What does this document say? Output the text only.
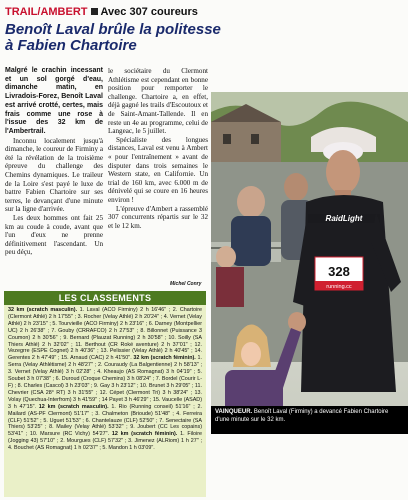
TRAIL/AMBERT Avec 307 coureurs
Benoît Laval brûle la politesse à Fabien Chartoire

Malgré le crachin incessant et un sol gorgé d'eau, dimanche matin, en Livradois-Forez, Benoît Laval est arrivé crotté, certes, mais frais comme une rose à l'issue des 32 km de l'Ambertrail.

Inconnu localement jusqu'à dimanche, le coureur de Firminy a été la révélation de la troisième épreuve du challenge des Chemins dynamiques. Le traileur de la Loire s'est payé le luxe de battre Fabien Chartoire sur ses terres, le devançant d'une minute sur la ligne d'arrivée.

Les deux hommes ont fait 25 km au coude à coude, avant que l'un d'eux ne prenne définitivement l'ascendant. Un peu déçu,

le sociétaire du Clermont Athlétisme est cependant en bonne position pour remporter le challenge. Chartoire a, en effet, déjà gagné les trails d'Escoutoux et de Saint-Amant-Tallende. Il en reste un 4e au programme, celui de Langeac, le 5 juillet.

Spécialiste des longues distances, Laval est venu à Ambert « pour l'entraînement » avant de disputer dans trois semaines le Western state, en Californie. Un trial de 160 km, avec 6.000 m de dénivelé qui se coure en 16 heures environ !

L'épreuve d'Ambert a rassemblé 307 concurrents répartis sur le 32 et le 12 km.

Michel Conry
RaidLight
328
running.cc
VAINQUEUR. Benoît Laval (Firminy) a devancé Fabien Chartoire d'une minute sur le 32 km.
LES CLASSEMENTS
32 km (scratch masculin). 1. Laval (ACO Firminy) 2 h 16'46" ; 2. Chartoire (Clermont Athlé) 2 h 17'55" ; 3. Rocher (Velay Athlé) 2 h 20'24" ; 4. Vernet (Velay Athlé) 2 h 23'15" ; 5. Tourvieille (ACO Firminy) 2 h 23'16" ; 6. Darney (Montpellier UC) 2 h 26'38" ; 7. Gouby (CRRAFCO) 2 h 27'53" ; 8. Billonnet (Puissance 3 Coumon) 2 h 30'56" ; 9. Bernard (Plauzat Running) 2 h 30'58" ; 10. Soilly (SA Thiers Athlé) 2 h 32'02" ; 11. Berthout (CR Roké aventure) 2 h 37'01" ; 12. Vezegrre (ESPE Cognet) 2 h 40'36" ; 13. Pelissier (Velay Athlé) 2 h 40'45" ; 14. Gerentes 2 h 47'49" ; 15. Arnaud (CAC) 2 h 41'50". 32 km (scratch féminin). 1. Serra (Velay Athlétisme) 2 h 48'27" ; 2. Couraudy (La Balgentienne) 2 h 58'13" ; 3. Vernet (Velay Athlé) 3 h 02'28" ; 4. Kheaujo (AS Romagnat) 3 h 04'19" ; 5. Soubet 3 h 07'38" ; 6. Duroud (Croque Chemins) 3 h 08'24" ; 7. Bordel (Courir L-F) ; 8. Charles (Cascol) 3 h 23'03" ; 9. Gay 3 h 23'12" ; 10. Brunet 3 h 29'05" ; 11. Chevrier (CSA 28° RT) 3 h 31'55" ; 12. Cépet (Clermont Tri) 3 h 38'24" ; 13. Volay (Quechua-Interfrom) 3 h 41'59" ; 14 Payet 3 h 46'29" ; 15. Vaucelle (ASAD) 3 h 47'15". 12 km (scratch masculin). 1. Rio (Running conseil) 51'16" ; 2. Mailard (AS-PF Clermont) 51'17" ; 3. Chalmeton (Brioude) 51'48" ; 4. Ferreira (CLF) 51'52" ; 5. Uguet 51'53" ; 6. Chantelauze (CLF) 52'50" ; 7. Senectaire (SA Thiers) 53'25" ; 8. Mailey (Velay Athlé) 53'32" ; 9. Joubert (CC Les copains) 53'41" ; 10. Marsure (RC Vichy) 54'27". 12 km (scratch féminin). 1. Filoire (Jogging 43) 57'10" ; 2. Mourgues (CLF) 57'32" ; 3. Jimenez (ALRiom) 1 h 27" ; 4. Bouchet (AS Romagnat) 1 h 02'37" ; 5. Mandon 1 h 03'09".
